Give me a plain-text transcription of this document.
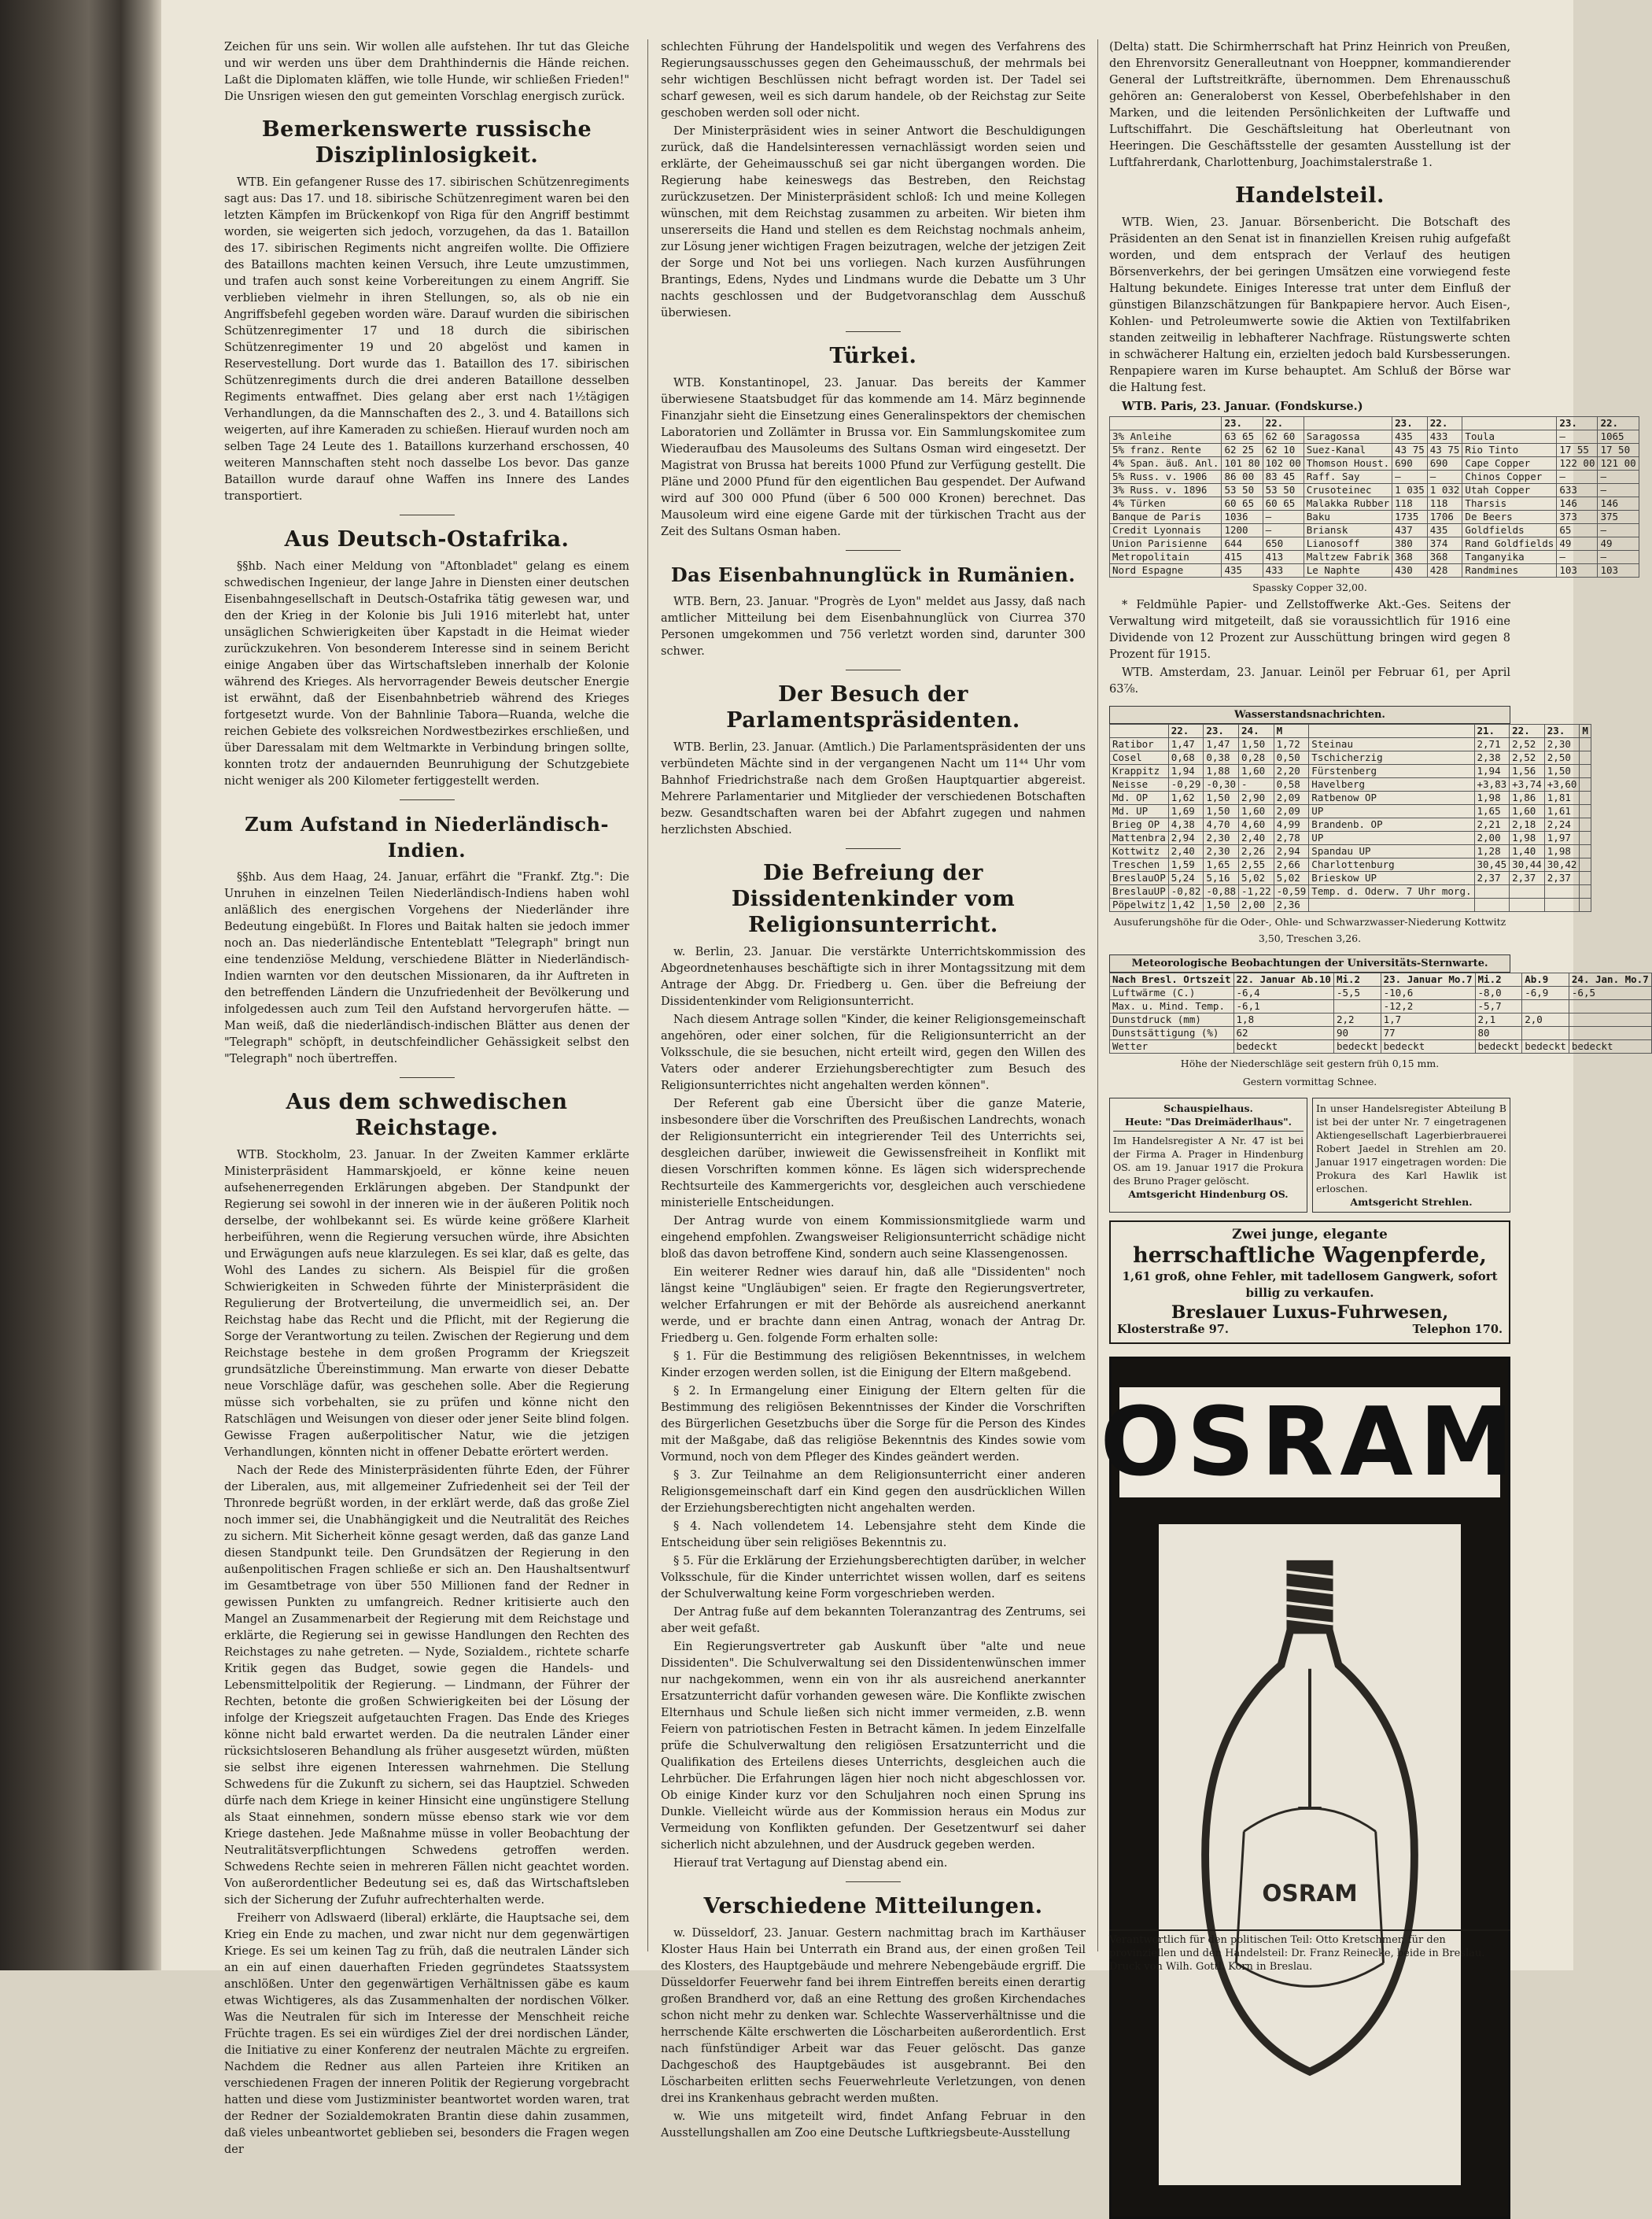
Zeichen für uns sein. Wir wollen alle aufstehen. Ihr tut das Gleiche und wir werden uns über dem Drahthindernis die Hände reichen. Laßt die Diplomaten kläffen, wie tolle Hunde, wir schließen Frieden!" Die Unsrigen wiesen den gut gemeinten Vorschlag energisch zurück.

Bemerkenswerte russische Disziplinlosigkeit.

WTB. Ein gefangener Russe des 17. sibirischen Schützenregiments sagt aus: Das 17. und 18. sibirische Schützenregiment waren bei den letzten Kämpfen im Brückenkopf von Riga für den Angriff bestimmt worden, sie weigerten sich jedoch, vorzugehen, da das 1. Bataillon des 17. sibirischen Regiments nicht angreifen wollte. Die Offiziere des Bataillons machten keinen Versuch, ihre Leute umzustimmen, und trafen auch sonst keine Vorbereitungen zu einem Angriff. Sie verblieben vielmehr in ihren Stellungen, so, als ob nie ein Angriffsbefehl gegeben worden wäre. Darauf wurden die sibirischen Schützenregimenter 17 und 18 durch die sibirischen Schützenregimenter 19 und 20 abgelöst und kamen in Reservestellung. Dort wurde das 1. Bataillon des 17. sibirischen Schützenregiments durch die drei anderen Bataillone desselben Regiments entwaffnet. Dies gelang aber erst nach 1½tägigen Verhandlungen, da die Mannschaften des 2., 3. und 4. Bataillons sich weigerten, auf ihre Kameraden zu schießen. Hierauf wurden noch am selben Tage 24 Leute des 1. Bataillons kurzerhand erschossen, 40 weiteren Mannschaften steht noch dasselbe Los bevor. Das ganze Bataillon wurde darauf ohne Waffen ins Innere des Landes transportiert.

Aus Deutsch-Ostafrika.

§§hb. Nach einer Meldung von "Aftonbladet" gelang es einem schwedischen Ingenieur, der lange Jahre in Diensten einer deutschen Eisenbahngesellschaft in Deutsch-Ostafrika tätig gewesen war, und den der Krieg in der Kolonie bis Juli 1916 miterlebt hat, unter unsäglichen Schwierigkeiten über Kapstadt in die Heimat wieder zurückzukehren. Von besonderem Interesse sind in seinem Bericht einige Angaben über das Wirtschaftsleben innerhalb der Kolonie während des Krieges. Als hervorragender Beweis deutscher Energie ist erwähnt, daß der Eisenbahnbetrieb während des Krieges fortgesetzt wurde. Von der Bahnlinie Tabora—Ruanda, welche die reichen Gebiete des volksreichen Nordwestbezirkes erschließen, und über Daressalam mit dem Weltmarkte in Verbindung bringen sollte, konnten trotz der andauernden Beunruhigung der Schutzgebiete nicht weniger als 200 Kilometer fertiggestellt werden.

Zum Aufstand in Niederländisch-Indien.

§§hb. Aus dem Haag, 24. Januar, erfährt die "Frankf. Ztg.": Die Unruhen in einzelnen Teilen Niederländisch-Indiens haben wohl anläßlich des energischen Vorgehens der Niederländer ihre Bedeutung eingebüßt. In Flores und Baitak halten sie jedoch immer noch an. Das niederländische Ententeblatt "Telegraph" bringt nun eine tendenziöse Meldung, verschiedene Blätter in Niederländisch-Indien warnten vor den deutschen Missionaren, da ihr Auftreten in den betreffenden Ländern die Unzufriedenheit der Bevölkerung und infolgedessen auch zum Teil den Aufstand hervorgerufen hätte. — Man weiß, daß die niederländisch-indischen Blätter aus denen der "Telegraph" schöpft, in deutschfeindlicher Gehässigkeit selbst den "Telegraph" noch übertreffen.

Aus dem schwedischen Reichstage.

WTB. Stockholm, 23. Januar. In der Zweiten Kammer erklärte Ministerpräsident Hammarskjoeld, er könne keine neuen aufsehenerregenden Erklärungen abgeben. Der Standpunkt der Regierung sei sowohl in der inneren wie in der äußeren Politik noch derselbe, der wohlbekannt sei. Es würde keine größere Klarheit herbeiführen, wenn die Regierung versuchen würde, ihre Absichten und Erwägungen aufs neue klarzulegen. Es sei klar, daß es gelte, das Wohl des Landes zu sichern. Als Beispiel für die großen Schwierigkeiten in Schweden führte der Ministerpräsident die Regulierung der Brotverteilung, die unvermeidlich sei, an. Der Reichstag habe das Recht und die Pflicht, mit der Regierung die Sorge der Verantwortung zu teilen. Zwischen der Regierung und dem Reichstage bestehe in dem großen Programm der Kriegszeit grundsätzliche Übereinstimmung. Man erwarte von dieser Debatte neue Vorschläge dafür, was geschehen solle. Aber die Regierung müsse sich vorbehalten, sie zu prüfen und könne nicht den Ratschlägen und Weisungen von dieser oder jener Seite blind folgen. Gewisse Fragen außerpolitischer Natur, wie die jetzigen Verhandlungen, könnten nicht in offener Debatte erörtert werden.

Nach der Rede des Ministerpräsidenten führte Eden, der Führer der Liberalen, aus, mit allgemeiner Zufriedenheit sei der Teil der Thronrede begrüßt worden, in der erklärt werde, daß das große Ziel noch immer sei, die Unabhängigkeit und die Neutralität des Reiches zu sichern. Mit Sicherheit könne gesagt werden, daß das ganze Land diesen Standpunkt teile. Den Grundsätzen der Regierung in den außenpolitischen Fragen schließe er sich an. Den Haushaltsentwurf im Gesamtbetrage von über 550 Millionen fand der Redner in gewissen Punkten zu umfangreich. Redner kritisierte auch den Mangel an Zusammenarbeit der Regierung mit dem Reichstage und erklärte, die Regierung sei in gewisse Handlungen den Rechten des Reichstages zu nahe getreten. — Nyde, Sozialdem., richtete scharfe Kritik gegen das Budget, sowie gegen die Handels- und Lebensmittelpolitik der Regierung. — Lindmann, der Führer der Rechten, betonte die großen Schwierigkeiten bei der Lösung der infolge der Kriegszeit aufgetauchten Fragen. Das Ende des Krieges könne nicht bald erwartet werden. Da die neutralen Länder einer rücksichtsloseren Behandlung als früher ausgesetzt würden, müßten sie selbst ihre eigenen Interessen wahrnehmen. Die Stellung Schwedens für die Zukunft zu sichern, sei das Hauptziel. Schweden dürfe nach dem Kriege in keiner Hinsicht eine ungünstigere Stellung als Staat einnehmen, sondern müsse ebenso stark wie vor dem Kriege dastehen. Jede Maßnahme müsse in voller Beobachtung der Neutralitätsverpflichtungen Schwedens getroffen werden. Schwedens Rechte seien in mehreren Fällen nicht geachtet worden. Von außerordentlicher Bedeutung sei es, daß das Wirtschaftsleben sich der Sicherung der Zufuhr aufrechterhalten werde.

Freiherr von Adlswaerd (liberal) erklärte, die Hauptsache sei, dem Krieg ein Ende zu machen, und zwar nicht nur dem gegenwärtigen Kriege. Es sei um keinen Tag zu früh, daß die neutralen Länder sich an ein auf einen dauerhaften Frieden gegründetes Staatssystem anschlößen. Unter den gegenwärtigen Verhältnissen gäbe es kaum etwas Wichtigeres, als das Zusammenhalten der nordischen Völker. Was die Neutralen für sich im Interesse der Menschheit reiche Früchte tragen. Es sei ein würdiges Ziel der drei nordischen Länder, die Initiative zu einer Konferenz der neutralen Mächte zu ergreifen. Nachdem die Redner aus allen Parteien ihre Kritiken an verschiedenen Fragen der inneren Politik der Regierung vorgebracht hatten und diese vom Justizminister beantwortet worden waren, trat der Redner der Sozialdemokraten Brantin diese dahin zusammen, daß vieles unbeantwortet geblieben sei, besonders die Fragen wegen der

schlechten Führung der Handelspolitik und wegen des Verfahrens des Regierungsausschusses gegen den Geheimausschuß, der mehrmals bei sehr wichtigen Beschlüssen nicht befragt worden ist. Der Tadel sei scharf gewesen, weil es sich darum handele, ob der Reichstag zur Seite geschoben werden soll oder nicht.

Der Ministerpräsident wies in seiner Antwort die Beschuldigungen zurück, daß die Handelsinteressen vernachlässigt worden seien und erklärte, der Geheimausschuß sei gar nicht übergangen worden. Die Regierung habe keineswegs das Bestreben, den Reichstag zurückzusetzen. Der Ministerpräsident schloß: Ich und meine Kollegen wünschen, mit dem Reichstag zusammen zu arbeiten. Wir bieten ihm unsererseits die Hand und stellen es dem Reichstag nochmals anheim, zur Lösung jener wichtigen Fragen beizutragen, welche der jetzigen Zeit der Sorge und Not bei uns vorliegen. Nach kurzen Ausführungen Brantings, Edens, Nydes und Lindmans wurde die Debatte um 3 Uhr nachts geschlossen und der Budgetvoranschlag dem Ausschuß überwiesen.

Türkei.

WTB. Konstantinopel, 23. Januar. Das bereits der Kammer überwiesene Staatsbudget für das kommende am 14. März beginnende Finanzjahr sieht die Einsetzung eines Generalinspektors der chemischen Laboratorien und Zollämter in Brussa vor. Ein Sammlungskomitee zum Wiederaufbau des Mausoleums des Sultans Osman wird eingesetzt. Der Magistrat von Brussa hat bereits 1000 Pfund zur Verfügung gestellt. Die Pläne und 2000 Pfund für den eigentlichen Bau gespendet. Der Aufwand wird auf 300 000 Pfund (über 6 500 000 Kronen) berechnet. Das Mausoleum wird eine eigene Garde mit der türkischen Tracht aus der Zeit des Sultans Osman haben.

Das Eisenbahnunglück in Rumänien.

WTB. Bern, 23. Januar. "Progrès de Lyon" meldet aus Jassy, daß nach amtlicher Mitteilung bei dem Eisenbahnunglück von Ciurrea 370 Personen umgekommen und 756 verletzt worden sind, darunter 300 schwer.

Der Besuch der Parlamentspräsidenten.

WTB. Berlin, 23. Januar. (Amtlich.) Die Parlamentspräsidenten der uns verbündeten Mächte sind in der vergangenen Nacht um 11⁴⁴ Uhr vom Bahnhof Friedrichstraße nach dem Großen Hauptquartier abgereist. Mehrere Parlamentarier und Mitglieder der verschiedenen Botschaften bezw. Gesandtschaften waren bei der Abfahrt zugegen und nahmen herzlichsten Abschied.

Die Befreiung der Dissidentenkinder vom Religionsunterricht.

w. Berlin, 23. Januar. Die verstärkte Unterrichtskommission des Abgeordnetenhauses beschäftigte sich in ihrer Montagssitzung mit dem Antrage der Abgg. Dr. Friedberg u. Gen. über die Befreiung der Dissidentenkinder vom Religionsunterricht.

Nach diesem Antrage sollen "Kinder, die keiner Religionsgemeinschaft angehören, oder einer solchen, für die Religionsunterricht an der Volksschule, die sie besuchen, nicht erteilt wird, gegen den Willen des Vaters oder anderer Erziehungsberechtigter zum Besuch des Religionsunterrichtes nicht angehalten werden können".

Der Referent gab eine Übersicht über die ganze Materie, insbesondere über die Vorschriften des Preußischen Landrechts, wonach der Religionsunterricht ein integrierender Teil des Unterrichts sei, desgleichen darüber, inwieweit die Gewissensfreiheit in Konflikt mit diesen Vorschriften kommen könne. Es lägen sich widersprechende Rechtsurteile des Kammergerichts vor, desgleichen auch verschiedene ministerielle Entscheidungen.

Der Antrag wurde von einem Kommissionsmitgliede warm und eingehend empfohlen. Zwangsweiser Religionsunterricht schädige nicht bloß das davon betroffene Kind, sondern auch seine Klassengenossen.

Ein weiterer Redner wies darauf hin, daß alle "Dissidenten" noch längst keine "Ungläubigen" seien. Er fragte den Regierungsvertreter, welcher Erfahrungen er mit der Behörde als ausreichend anerkannt werde, und er brachte dann einen Antrag, wonach der Antrag Dr. Friedberg u. Gen. folgende Form erhalten solle:

§ 1. Für die Bestimmung des religiösen Bekenntnisses, in welchem Kinder erzogen werden sollen, ist die Einigung der Eltern maßgebend.

§ 2. In Ermangelung einer Einigung der Eltern gelten für die Bestimmung des religiösen Bekenntnisses der Kinder die Vorschriften des Bürgerlichen Gesetzbuchs über die Sorge für die Person des Kindes mit der Maßgabe, daß das religiöse Bekenntnis des Kindes sowie vom Vormund, noch von dem Pfleger des Kindes geändert werden.

§ 3. Zur Teilnahme an dem Religionsunterricht einer anderen Religionsgemeinschaft darf ein Kind gegen den ausdrücklichen Willen der Erziehungsberechtigten nicht angehalten werden.

§ 4. Nach vollendetem 14. Lebensjahre steht dem Kinde die Entscheidung über sein religiöses Bekenntnis zu.

§ 5. Für die Erklärung der Erziehungsberechtigten darüber, in welcher Volksschule, für die Kinder unterrichtet wissen wollen, darf es seitens der Schulverwaltung keine Form vorgeschrieben werden.

Der Antrag fuße auf dem bekannten Toleranzantrag des Zentrums, sei aber weit gefaßt.

Ein Regierungsvertreter gab Auskunft über "alte und neue Dissidenten". Die Schulverwaltung sei den Dissidentenwünschen immer nur nachgekommen, wenn ein von ihr als ausreichend anerkannter Ersatzunterricht dafür vorhanden gewesen wäre. Die Konflikte zwischen Elternhaus und Schule ließen sich nicht immer vermeiden, z.B. wenn Feiern von patriotischen Festen in Betracht kämen. In jedem Einzelfalle prüfe die Schulverwaltung den religiösen Ersatzunterricht und die Qualifikation des Erteilens dieses Unterrichts, desgleichen auch die Lehrbücher. Die Erfahrungen lägen hier noch nicht abgeschlossen vor. Ob einige Kinder kurz vor den Schuljahren noch einen Sprung ins Dunkle. Vielleicht würde aus der Kommission heraus ein Modus zur Vermeidung von Konflikten gefunden. Der Gesetzentwurf sei daher sicherlich nicht abzulehnen, und der Ausdruck gegeben werden.

Hierauf trat Vertagung auf Dienstag abend ein.

Verschiedene Mitteilungen.

w. Düsseldorf, 23. Januar. Gestern nachmittag brach im Karthäuser Kloster Haus Hain bei Unterrath ein Brand aus, der einen großen Teil des Klosters, des Hauptgebäude und mehrere Nebengebäude ergriff. Die Düsseldorfer Feuerwehr fand bei ihrem Eintreffen bereits einen derartig großen Brandherd vor, daß an eine Rettung des großen Kirchendaches schon nicht mehr zu denken war. Schlechte Wasserverhältnisse und die herrschende Kälte erschwerten die Löscharbeiten außerordentlich. Erst nach fünfstündiger Arbeit war das Feuer gelöscht. Das ganze Dachgeschoß des Hauptgebäudes ist ausgebrannt. Bei den Löscharbeiten erlitten sechs Feuerwehrleute Verletzungen, von denen drei ins Krankenhaus gebracht werden mußten.

w. Wie uns mitgeteilt wird, findet Anfang Februar in den Ausstellungshallen am Zoo eine Deutsche Luftkriegsbeute-Ausstellung

(Delta) statt. Die Schirmherrschaft hat Prinz Heinrich von Preußen, den Ehrenvorsitz Generalleutnant von Hoeppner, kommandierender General der Luftstreitkräfte, übernommen. Dem Ehrenausschuß gehören an: Generaloberst von Kessel, Oberbefehlshaber in den Marken, und die leitenden Persönlichkeiten der Luftwaffe und Luftschiffahrt. Die Geschäftsleitung hat Oberleutnant von Heeringen. Die Geschäftsstelle der gesamten Ausstellung ist der Luftfahrerdank, Charlottenburg, Joachimstalerstraße 1.

Handelsteil.

WTB. Wien, 23. Januar. Börsenbericht. Die Botschaft des Präsidenten an den Senat ist in finanziellen Kreisen ruhig aufgefaßt worden, und dem entsprach der Verlauf des heutigen Börsenverkehrs, der bei geringen Umsätzen eine vorwiegend feste Haltung bekundete. Einiges Interesse trat unter dem Einfluß der günstigen Bilanzschätzungen für Bankpapiere hervor. Auch Eisen-, Kohlen- und Petroleumwerte sowie die Aktien von Textilfabriken standen zeitweilig in lebhafterer Nachfrage. Rüstungswerte schten in schwächerer Haltung ein, erzielten jedoch bald Kursbesserungen. Renpapiere waren im Kurse behauptet. Am Schluß der Börse war die Haltung fest.

WTB. Paris, 23. Januar. (Fondskurse.)

	23.	22.		23.	22.		23.	22.
3% Anleihe	63 65	62 60	Saragossa	435	433	Toula	—	1065
5% franz. Rente	62 25	62 10	Suez-Kanal	43 75	43 75	Rio Tinto	17 55	17 50
4% Span. äuß. Anl.	101 80	102 00	Thomson Houst.	690	690	Cape Copper	122 00	121 00
5% Russ. v. 1906	86 00	83 45	Raff. Say	—	—	Chinos Copper	—	—
3% Russ. v. 1896	53 50	53 50	Crusoteinec	1 035	1 032	Utah Copper	633	—
4% Türken	60 65	60 65	Malakka Rubber	118	118	Tharsis	146	146
Banque de Paris	1036	—	Baku	1735	1706	De Beers	373	375
Credit Lyonnais	1200	—	Briansk	437	435	Goldfields	65	—
Union Parisienne	644	650	Lianosoff	380	374	Rand Goldfields	49	49
Metropolitain	415	413	Maltzew Fabrik	368	368	Tanganyika	—	—
Nord Espagne	435	433	Le Naphte	430	428	Randmines	103	103
Spassky Copper 32,00.

* Feldmühle Papier- und Zellstoffwerke Akt.-Ges. Seitens der Verwaltung wird mitgeteilt, daß sie voraussichtlich für 1916 eine Dividende von 12 Prozent zur Ausschüttung bringen wird gegen 8 Prozent für 1915.

WTB. Amsterdam, 23. Januar. Leinöl per Februar 61, per April 63⅞.

Wasserstandsnachrichten.
	22.	23.	24.	M		21.	22.	23.	M
Ratibor	1,47	1,47	1,50	1,72	Steinau	2,71	2,52	2,30	
Cosel	0,68	0,38	0,28	0,50	Tschicherzig	2,38	2,52	2,50	
Krappitz	1,94	1,88	1,60	2,20	Fürstenberg	1,94	1,56	1,50	
Neisse	-0,29	-0,30	-	0,58	Havelberg	+3,83	+3,74	+3,60	
Md. OP	1,62	1,50	2,90	2,09	Ratbenow OP	1,98	1,86	1,81	
Md. UP	1,69	1,50	1,60	2,09	UP	1,65	1,60	1,61	
Brieg OP	4,38	4,70	4,60	4,99	Brandenb. OP	2,21	2,18	2,24	
Mattenbra	2,94	2,30	2,40	2,78	UP	2,00	1,98	1,97	
Kottwitz	2,40	2,30	2,26	2,94	Spandau UP	1,28	1,40	1,98	
Treschen	1,59	1,65	2,55	2,66	Charlottenburg	30,45	30,44	30,42	
BreslauOP	5,24	5,16	5,02	5,02	Brieskow UP	2,37	2,37	2,37	
BreslauUP	-0,82	-0,88	-1,22	-0,59	Temp. d. Oderw. 7 Uhr morg.				
Pöpelwitz	1,42	1,50	2,00	2,36					
Ausuferungshöhe für die Oder-, Ohle- und Schwarzwasser-Niederung Kottwitz 3,50, Treschen 3,26.
Meteorologische Beobachtungen der Universitäts-Sternwarte.
Nach Bresl. Ortszeit	22. Januar Ab.10	Mi.2	23. Januar Mo.7	Mi.2	Ab.9	24. Jan. Mo.7
Luftwärme (C.)	-6,4	-5,5	-10,6	-8,0	-6,9	-6,5
Max. u. Mind. Temp.	-6,1		-12,2	-5,7		
Dunstdruck (mm)	1,8	2,2	1,7	2,1	2,0	
Dunstsättigung (%)	62	90	77	80		
Wetter	bedeckt	bedeckt	bedeckt	bedeckt	bedeckt	bedeckt
Höhe der Niederschläge seit gestern früh 0,15 mm.
Gestern vormittag Schnee.
Schauspielhaus.
Heute: "Das Dreimäderlhaus".
Im Handelsregister A Nr. 47 ist bei der Firma A. Prager in Hindenburg OS. am 19. Januar 1917 die Prokura des Bruno Prager gelöscht.
Amtsgericht Hindenburg OS.
In unser Handelsregister Abteilung B ist bei der unter Nr. 7 eingetragenen Aktiengesellschaft Lagerbierbrauerei Robert Jaedel in Strehlen am 20. Januar 1917 eingetragen worden: Die Prokura des Karl Hawlik ist erloschen.
Amtsgericht Strehlen.
Zwei junge, elegante
herrschaftliche Wagenpferde,
1,61 groß, ohne Fehler, mit tadellosem Gangwerk, sofort billig zu verkaufen.
Breslauer Luxus-Fuhrwesen,
Klosterstraße 97.	Telephon 170.
OSRAM
OSRAM
Verantwortlich für den politischen Teil: Otto Kretschmer, für den provinziellen und den Handelsteil: Dr. Franz Reinecke, beide in Breslau. Druck von Wilh. Gottl. Korn in Breslau.
